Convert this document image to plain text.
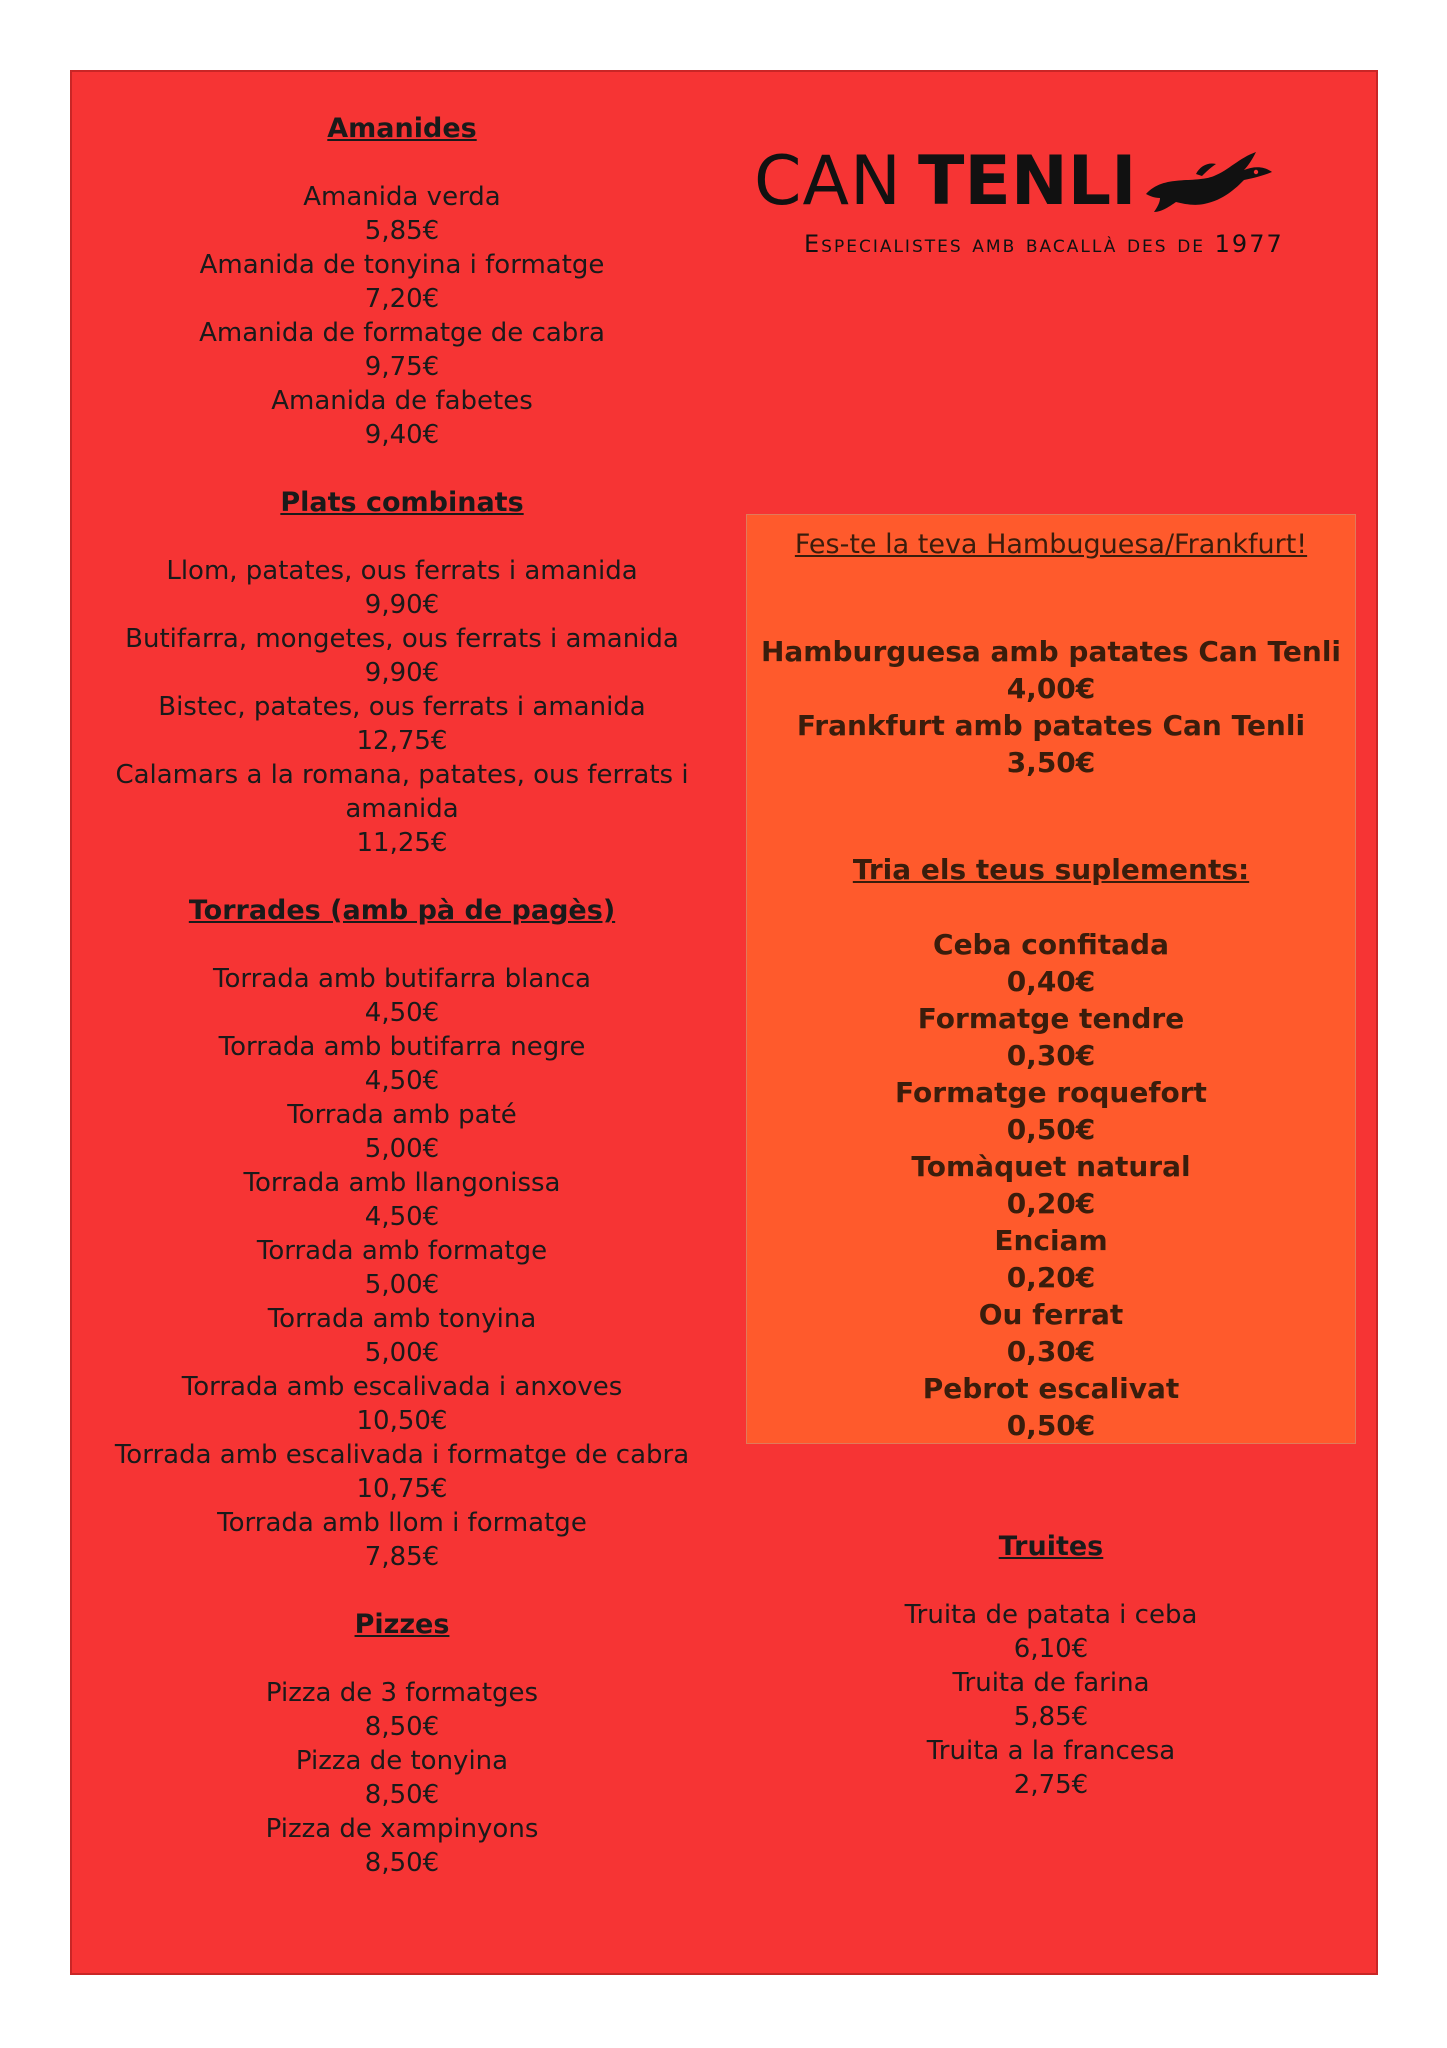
Amanides
Amanida verda
5,85€
Amanida de tonyina i formatge
7,20€
Amanida de formatge de cabra
9,75€
Amanida de fabetes
9,40€
Plats combinats
Llom, patates, ous ferrats i amanida
9,90€
Butifarra, mongetes, ous ferrats i amanida
9,90€
Bistec, patates, ous ferrats i amanida
12,75€
Calamars a la romana, patates, ous ferrats i amanida
11,25€
Torrades (amb pà de pagès)
Torrada amb butifarra blanca
4,50€
Torrada amb butifarra negre
4,50€
Torrada amb paté
5,00€
Torrada amb llangonissa
4,50€
Torrada amb formatge
5,00€
Torrada amb tonyina
5,00€
Torrada amb escalivada i anxoves
10,50€
Torrada amb escalivada i formatge de cabra
10,75€
Torrada amb llom i formatge
7,85€
Pizzes
Pizza de 3 formatges
8,50€
Pizza de tonyina
8,50€
Pizza de xampinyons
8,50€
CAN TENLI
Especialistes amb bacallà des de 1977
Fes-te la teva Hambuguesa/Frankfurt!
Hamburguesa amb patates Can Tenli
4,00€
Frankfurt amb patates Can Tenli
3,50€
Tria els teus suplements:
Ceba confitada
0,40€
Formatge tendre
0,30€
Formatge roquefort
0,50€
Tomàquet natural
0,20€
Enciam
0,20€
Ou ferrat
0,30€
Pebrot escalivat
0,50€
Truites
Truita de patata i ceba
6,10€
Truita de farina
5,85€
Truita a la francesa
2,75€
